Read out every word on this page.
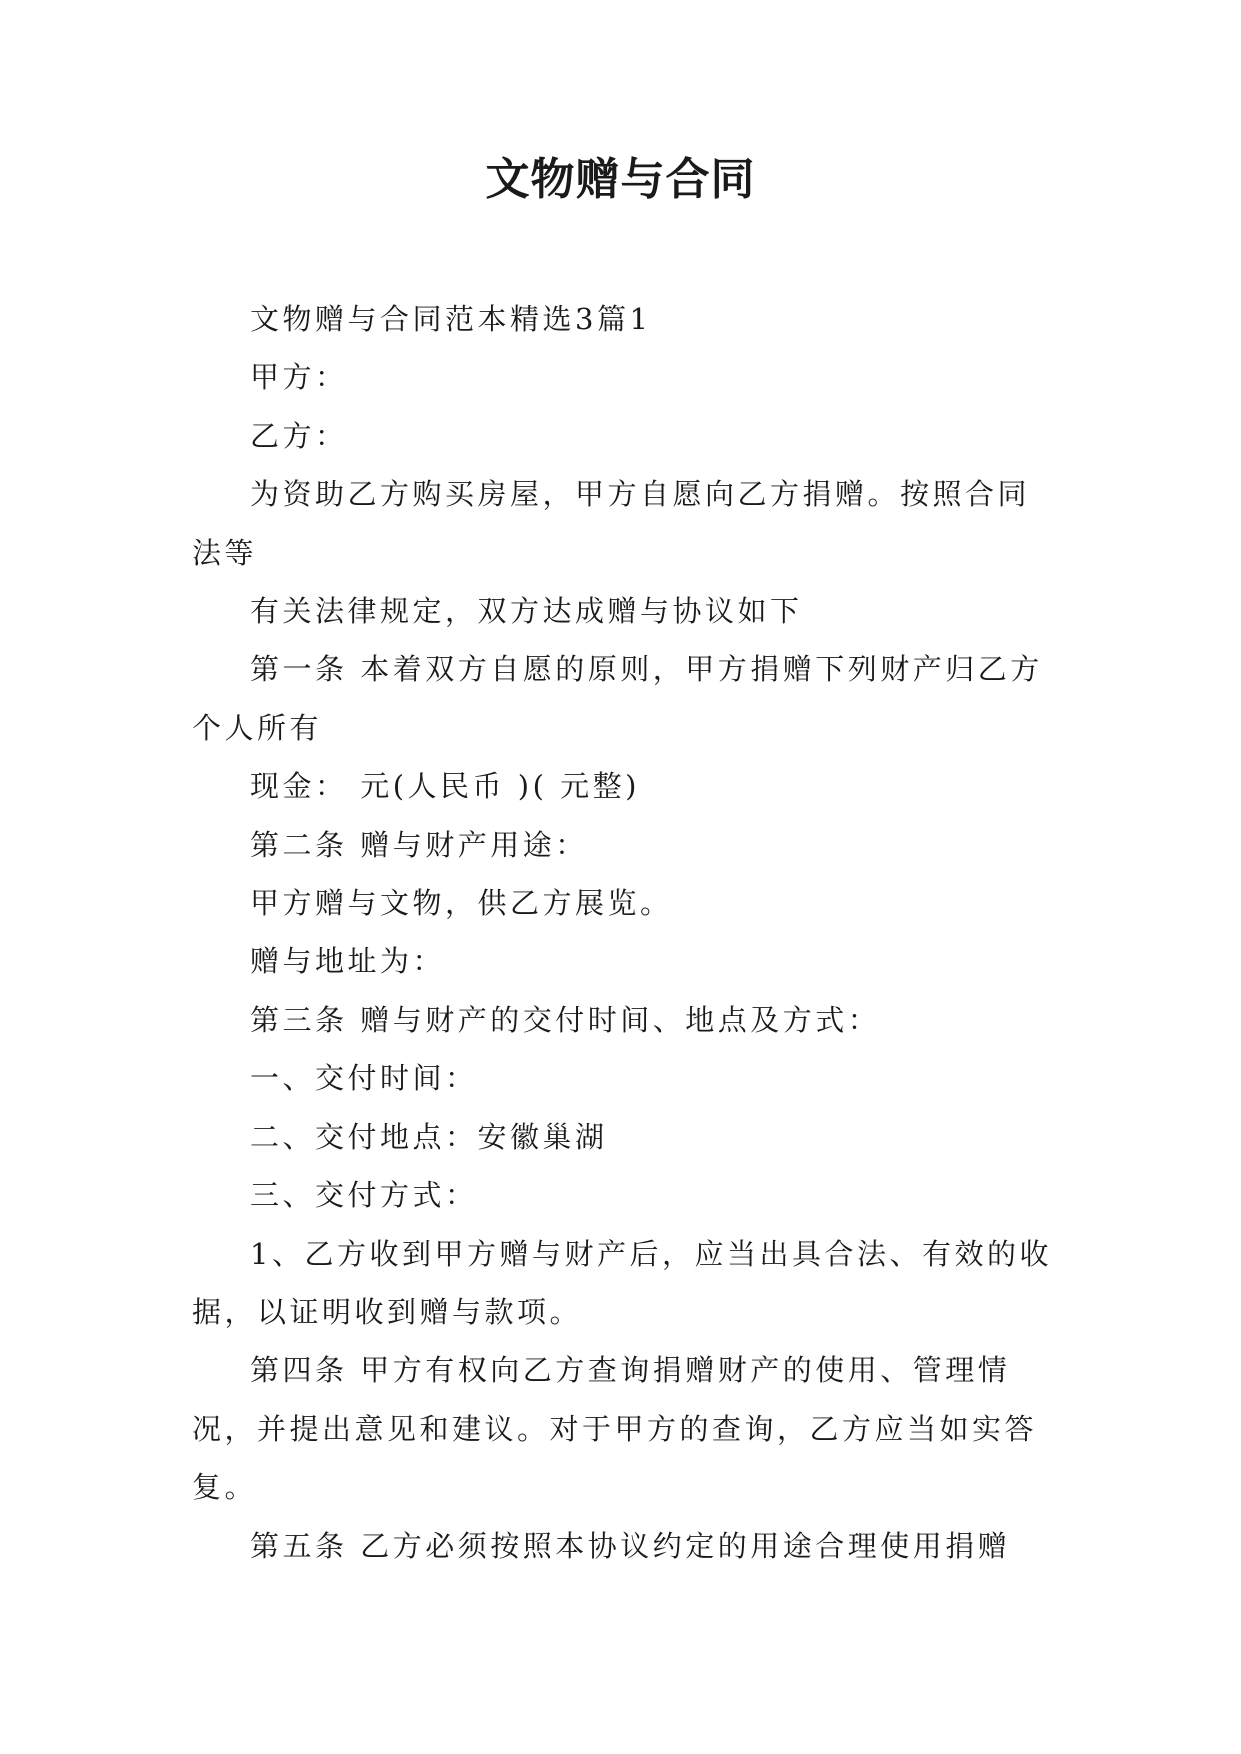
文物赠与合同

文物赠与合同范本精选3篇1

甲方：

乙方：

为资助乙方购买房屋，甲方自愿向乙方捐赠。按照合同法等

有关法律规定，双方达成赠与协议如下

第一条 本着双方自愿的原则，甲方捐赠下列财产归乙方个人所有

现金： 元(人民币 )( 元整)

第二条 赠与财产用途：

甲方赠与文物，供乙方展览。

赠与地址为：

第三条 赠与财产的交付时间、地点及方式：

一、交付时间：

二、交付地点：安徽巢湖

三、交付方式：

1、乙方收到甲方赠与财产后，应当出具合法、有效的收据，以证明收到赠与款项。

第四条 甲方有权向乙方查询捐赠财产的使用、管理情况，并提出意见和建议。对于甲方的查询，乙方应当如实答复。

第五条 乙方必须按照本协议约定的用途合理使用捐赠
